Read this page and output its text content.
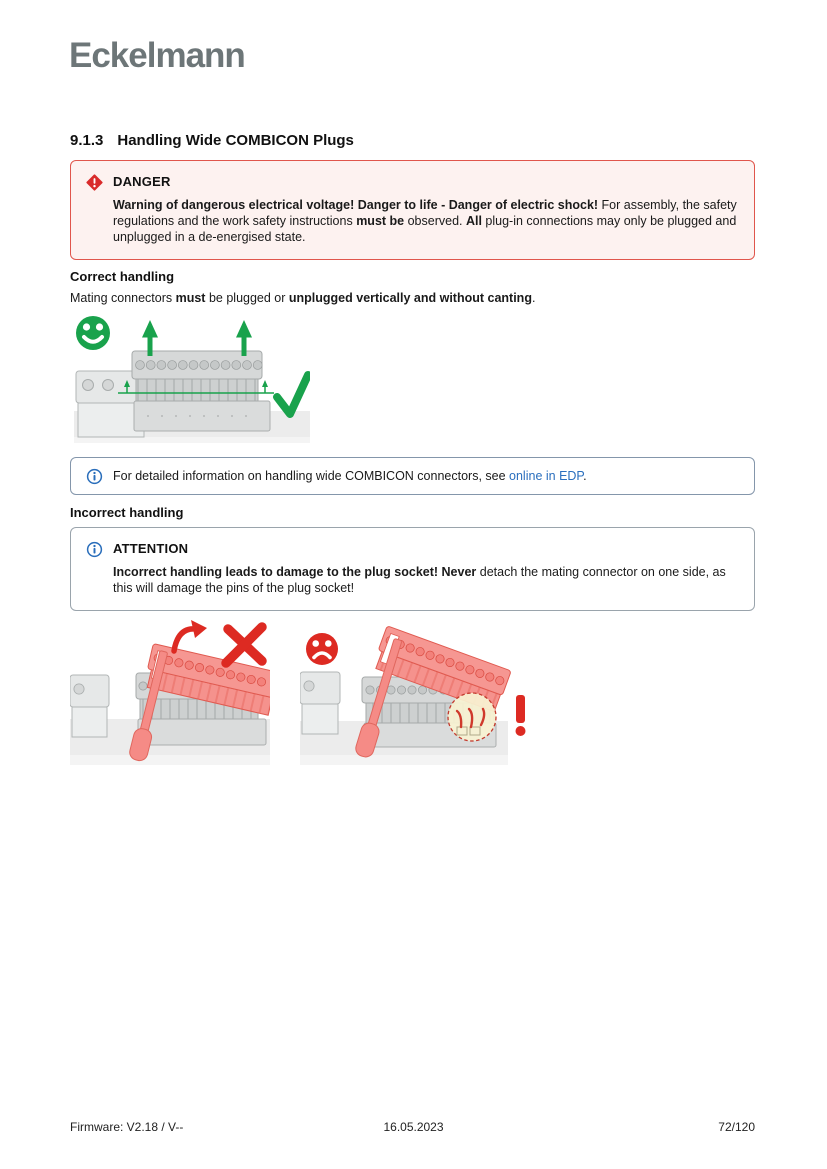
Eckelmann
9.1.3 Handling Wide COMBICON Plugs
DANGER

Warning of dangerous electrical voltage! Danger to life - Danger of electric shock! For assembly, the safety regulations and the work safety instructions must be observed. All plug-in connections may only be plugged and unplugged in a de-energised state.

Correct handling

Mating connectors must be plugged or unplugged vertically and without canting.

For detailed information on handling wide COMBICON connectors, see online in EDP.
Incorrect handling
ATTENTION

Incorrect handling leads to damage to the plug socket! Never detach the mating connector on one side, as this will damage the pins of the plug socket!

Firmware: V2.18 / V--	16.05.2023	72/120
